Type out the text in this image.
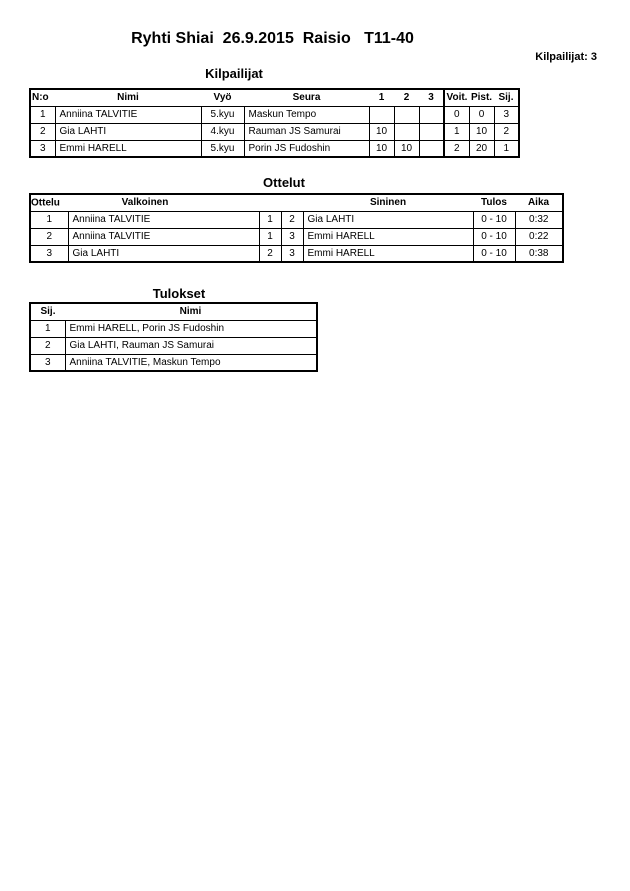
Ryhti Shiai  26.9.2015  Raisio   T11-40
Kilpailijat: 3
Kilpailijat
N:o	Nimi	Vyö	Seura	1	2	3	Voit.	Pist.	Sij.
1	Anniina TALVITIE	5.kyu	Maskun Tempo				0	0	3
2	Gia LAHTI	4.kyu	Rauman JS Samurai	10			1	10	2
3	Emmi HARELL	5.kyu	Porin JS Fudoshin	10	10		2	20	1
Ottelut
Ottelu Valkoinen				Sininen	Tulos	Aika
1	Anniina TALVITIE	1	2	Gia LAHTI	0 - 10	0:32
2	Anniina TALVITIE	1	3	Emmi HARELL	0 - 10	0:22
3	Gia LAHTI	2	3	Emmi HARELL	0 - 10	0:38
Tulokset
Sij.	Nimi
1	Emmi HARELL, Porin JS Fudoshin
2	Gia LAHTI, Rauman JS Samurai
3	Anniina TALVITIE, Maskun Tempo
